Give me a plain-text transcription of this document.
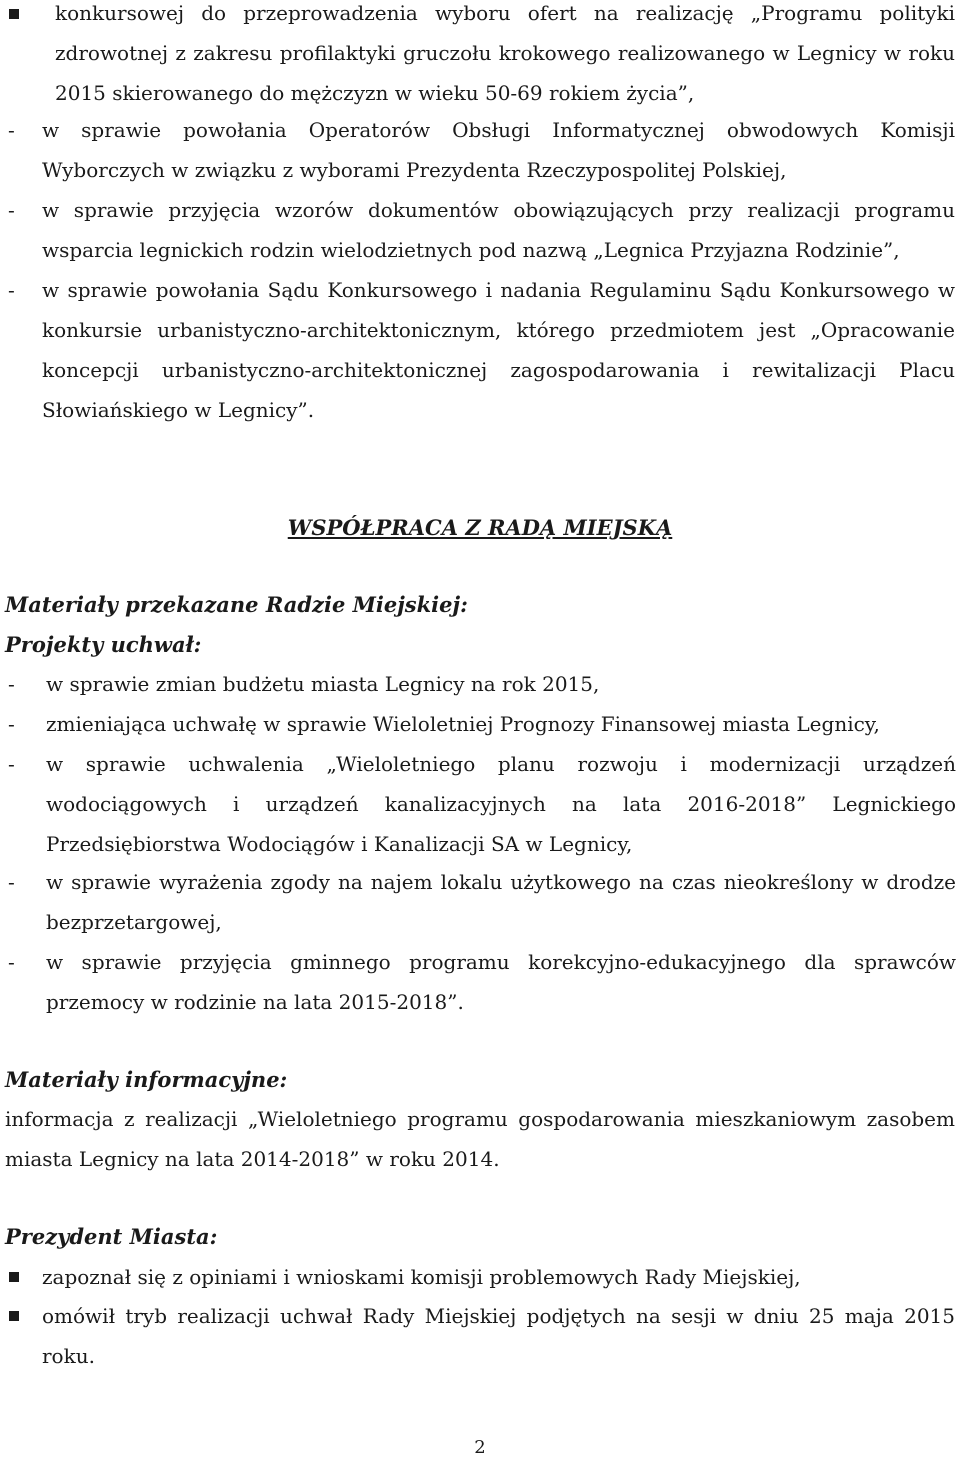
konkursowej do przeprowadzenia wyboru ofert na realizację „Programu polityki zdrowotnej z zakresu profilaktyki gruczołu krokowego realizowanego w Legnicy w roku 2015 skierowanego do mężczyzn w wieku 50-69 rokiem życia”,
- w sprawie powołania Operatorów Obsługi Informatycznej obwodowych Komisji Wyborczych w związku z wyborami Prezydenta Rzeczypospolitej Polskiej,
- w sprawie przyjęcia wzorów dokumentów obowiązujących przy realizacji programu wsparcia legnickich rodzin wielodzietnych pod nazwą „Legnica Przyjazna Rodzinie”,
- w sprawie powołania Sądu Konkursowego i nadania Regulaminu Sądu Konkursowego w konkursie urbanistyczno-architektonicznym, którego przedmiotem jest „Opracowanie koncepcji urbanistyczno-architektonicznej zagospodarowania i rewitalizacji Placu Słowiańskiego w Legnicy”.
WSPÓŁPRACA Z RADĄ MIEJSKĄ
Materiały przekazane Radzie Miejskiej:
Projekty uchwał:
- w sprawie zmian budżetu miasta Legnicy na rok 2015,
- zmieniająca uchwałę w sprawie Wieloletniej Prognozy Finansowej miasta Legnicy,
- w sprawie uchwalenia „Wieloletniego planu rozwoju i modernizacji urządzeń wodociągowych i urządzeń kanalizacyjnych na lata 2016-2018” Legnickiego Przedsiębiorstwa Wodociągów i Kanalizacji SA w Legnicy,
- w sprawie wyrażenia zgody na najem lokalu użytkowego na czas nieokreślony w drodze bezprzetargowej,
- w sprawie przyjęcia gminnego programu korekcyjno-edukacyjnego dla sprawców przemocy w rodzinie na lata 2015-2018”.
Materiały informacyjne:
informacja z realizacji „Wieloletniego programu gospodarowania mieszkaniowym zasobem miasta Legnicy na lata 2014-2018” w roku 2014.
Prezydent Miasta:
zapoznał się z opiniami i wnioskami komisji problemowych Rady Miejskiej,
omówił tryb realizacji uchwał Rady Miejskiej podjętych na sesji w dniu 25 maja 2015 roku.
2
